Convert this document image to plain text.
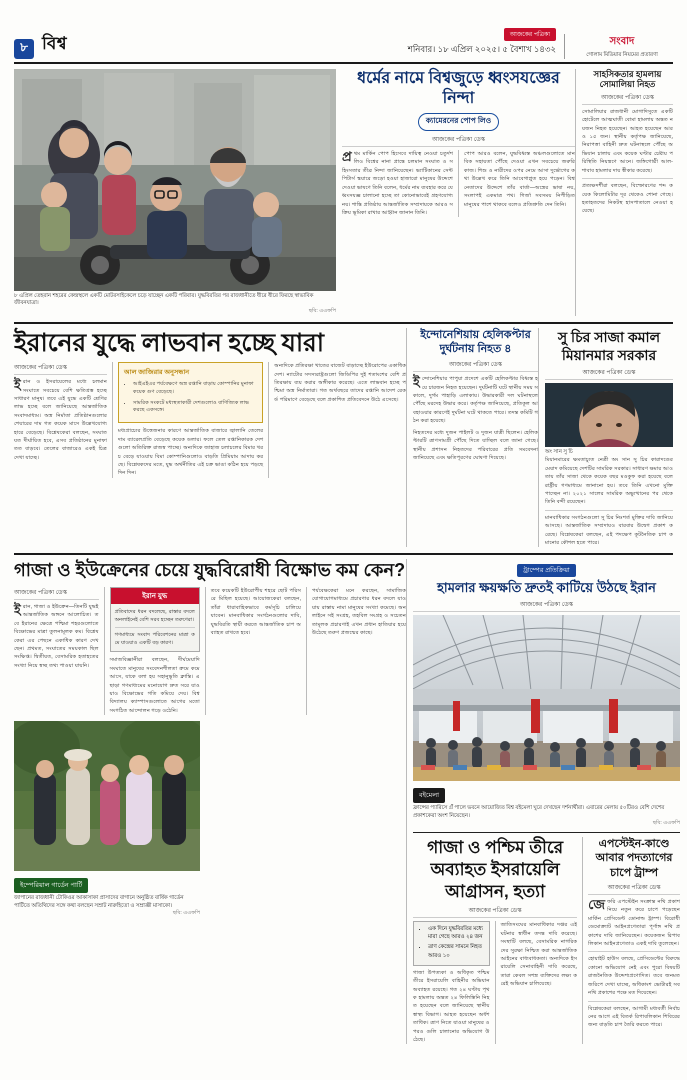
৮ বিশ্ব	আজকের পত্রিকা
শনিবার। ১৮ এপ্রিল ২০২৫। ৫ বৈশাখ ১৪৩২
সংবাদ
গোলাম মিডিয়ার নিয়মের প্রতারণা
৮ এপ্রিল তেহরান শহরের কেন্দ্রস্থলে একটি মোটরসাইকেলে চড়ে যাচ্ছেন একটি পরিবার। যুদ্ধবিরতির পর রাজধানীতে ধীরে ধীরে ফিরছে স্বাভাবিক জীবনযাত্রা।
ছবি: এএফপি
ধর্মের নামে বিশ্বজুড়ে ধ্বংসযজ্ঞের নিন্দা
ক্যামেরনের পোপ লিও
আজকের পত্রিকা ডেস্ক
প্রথম মার্কিন পোপ হিসেবে দায়িত্ব নেওয়া চতুর্দশ লিও বিশ্বের নানা প্রান্তে চলমান সংঘাত ও সহিংসতার তীব্র নিন্দা জানিয়েছেন। ভ্যাটিকানের সেন্ট পিটার্স স্কয়ারে জড়ো হওয়া হাজারো মানুষের উদ্দেশে দেওয়া ভাষণে তিনি বলেন, ধর্মের নাম ব্যবহার করে যে ধ্বংসযজ্ঞ চালানো হচ্ছে তা কোনোভাবেই গ্রহণযোগ্য নয়। শান্তি প্রতিষ্ঠায় আন্তর্জাতিক সম্প্রদায়কে আরও সক্রিয় ভূমিকা রাখার আহ্বান জানান তিনি।
পোপ আরও বলেন, যুদ্ধবিধ্বস্ত অঞ্চলগুলোতে মানবিক সহায়তা পৌঁছে দেওয়া এখন সবচেয়ে জরুরি কাজ। শিশু ও নারীদের ওপর নেমে আসা দুর্ভোগের কথা উল্লেখ করে তিনি আবেগাপ্লুত হয়ে পড়েন। বিশ্বনেতাদের উদ্দেশে তাঁর বার্তা—অস্ত্রের ভাষা নয়, সংলাপই একমাত্র পথ। গির্জা সবসময় নিপীড়িত মানুষের পাশে থাকবে বলেও প্রতিশ্রুতি দেন তিনি।
সাহসিকতার হামলায় সোমালিয়া নিহত
আজকের পত্রিকা ডেস্ক
সোমালিয়ার রাজধানী মোগাদিসুতে একটি হোটেলে আত্মঘাতী বোমা হামলায় অন্তত নয়জন নিহত হয়েছেন। আহত হয়েছেন আরও ১৫ জন। স্থানীয় কর্তৃপক্ষ জানিয়েছে, নিরাপত্তা বাহিনী দ্রুত ঘটনাস্থলে পৌঁছে অভিযান চালায় এবং কয়েক ঘণ্টার চেষ্টায় পরিস্থিতি নিয়ন্ত্রণে আনে। জঙ্গিগোষ্ঠী আল-শাবাব হামলার দায় স্বীকার করেছে।
প্রত্যক্ষদর্শীরা বলছেন, বিস্ফোরণের শব্দ কয়েক কিলোমিটার দূর থেকেও শোনা গেছে। হতাহতদের নিকটস্থ হাসপাতালে নেওয়া হয়েছে।
ইরানের যুদ্ধে লাভবান হচ্ছে যারা
আজকের পত্রিকা ডেস্ক
ইরান ও ইসরায়েলের মধ্যে চলমান সংঘাতে সবচেয়ে বেশি ক্ষতিগ্রস্ত হচ্ছে সাধারণ মানুষ। তবে এই যুদ্ধে একটি শ্রেণির লাভ হচ্ছে বলে জানিয়েছে আন্তর্জাতিক সংবাদমাধ্যম। অস্ত্র নির্মাতা প্রতিষ্ঠানগুলোর শেয়ারের দাম গত কয়েক মাসে উল্লেখযোগ্য হারে বেড়েছে। বিশ্লেষকেরা বলছেন, সংঘাত যত দীর্ঘায়িত হবে, এসব প্রতিষ্ঠানের মুনাফা তত বাড়বে। তেলের বাজারেও একই চিত্র দেখা যাচ্ছে।
আল জাজিরার অনুসন্ধান
• আইএইএর পর্যবেক্ষণে অস্ত্র রপ্তানি বাড়ায় কোম্পানির মুনাফা কয়েক গুণ বেড়েছে।
• সামরিক সংকটে মধ্যস্থতাকারী দেশগুলোও বাণিজ্যিক লাভ করছে একসঙ্গে।
মধ্যপ্রাচ্যের উত্তেজনার কারণে আন্তর্জাতিক বাজারে জ্বালানি তেলের দাম ব্যারেলপ্রতি বেড়েছে কয়েক ডলার। ফলে তেল রপ্তানিকারক দেশগুলো অতিরিক্ত রাজস্ব পাচ্ছে। অন্যদিকে জাহাজ চলাচলের বিমার খরচ বেড়ে যাওয়ায় বিমা কোম্পানিগুলোও বাড়তি প্রিমিয়াম আদায় করছে। বিশ্লেষকদের মতে, যুদ্ধ অর্থনীতির এই চক্র ভাঙা কঠিন হয়ে পড়ছে দিন দিন।
অন্যদিকে প্রতিরক্ষা খাতের বাজেট বাড়াচ্ছে ইউরোপের একাধিক দেশ। ন্যাটোর সদস্যরাষ্ট্রগুলো জিডিপির দুই শতাংশের বেশি প্রতিরক্ষায় ব্যয় করার অঙ্গীকার করেছে। এতে লাভবান হচ্ছে পশ্চিমা অস্ত্র নির্মাতারা। গত অর্থবছরে তাদের রপ্তানি আদেশ রেকর্ড পরিমাণে বেড়েছে বলে প্রকাশিত প্রতিবেদনে উঠে এসেছে।
ইন্দোনেশিয়ায় হেলিকপ্টার দুর্ঘটনায় নিহত ৪
আজকের পত্রিকা ডেস্ক
ইন্দোনেশিয়ার পাপুয়া প্রদেশে একটি হেলিকপ্টার বিধ্বস্ত হয়ে চারজন নিহত হয়েছেন। দুর্ঘটনাটি ঘটে স্থানীয় সময় সকালে, দুর্গম পাহাড়ি এলাকায়। উদ্ধারকারী দল ঘটনাস্থলে পৌঁছে মরদেহ উদ্ধার করে। কর্তৃপক্ষ জানিয়েছে, প্রতিকূল আবহাওয়ার কারণেই দুর্ঘটনা ঘটে থাকতে পারে। তদন্ত কমিটি গঠন করা হয়েছে।
নিহতদের মধ্যে দুজন পাইলট ও দুজন যাত্রী ছিলেন। হেলিকপ্টারটি ত্রাণসামগ্রী পৌঁছে দিতে যাচ্ছিল বলে জানা গেছে। স্থানীয় প্রশাসন নিহতদের পরিবারের প্রতি সমবেদনা জানিয়েছে এবং ক্ষতিপূরণের ঘোষণা দিয়েছে।
সু চির সাজা কমাল মিয়ানমার সরকার
আজকের পত্রিকা ডেস্ক
অং সান সু চি
মিয়ানমারের ক্ষমতাচ্যুত নেত্রী অং সান সু চির কারাদণ্ডের মেয়াদ কমিয়েছে দেশটির সামরিক সরকার। সাধারণ ক্ষমার আওতায় তাঁর সাজা থেকে কয়েক বছর মওকুফ করা হয়েছে বলে রাষ্ট্রীয় গণমাধ্যমে জানানো হয়। তবে তিনি এখনো মুক্তি পাচ্ছেন না। ২০২১ সালের সামরিক অভ্যুত্থানের পর থেকে তিনি বন্দী রয়েছেন।
মানবাধিকার সংগঠনগুলো সু চির নিঃশর্ত মুক্তির দাবি জানিয়ে আসছে। আন্তর্জাতিক সম্প্রদায়ও বারবার উদ্বেগ প্রকাশ করেছে। বিশ্লেষকেরা বলছেন, এই পদক্ষেপ কূটনৈতিক চাপ কমানোর কৌশল হতে পারে।
গাজা ও ইউক্রেনের চেয়ে যুদ্ধবিরোধী বিক্ষোভ কম কেন?
আজকের পত্রিকা ডেস্ক
ইরান, গাজা ও ইউক্রেন—তিনটি যুদ্ধই আন্তর্জাতিক অঙ্গনে আলোচিত। তবে ইরানের ক্ষেত্রে পশ্চিমা শহরগুলোতে বিক্ষোভের মাত্রা তুলনামূলক কম। বিশ্লেষকেরা এর পেছনে একাধিক কারণ দেখছেন। প্রথমত, সংঘাতের সময়কাল ছিল সংক্ষিপ্ত। দ্বিতীয়ত, বেসামরিক হতাহতের সংখ্যা নিয়ে স্বচ্ছ তথ্য পাওয়া যায়নি।
ইরান যুদ্ধ
প্রতিবাদের ধরন বদলেছে, রাস্তার বদলে অনলাইনেই বেশি সরব হচ্ছেন তরুণেরা।
গণমাধ্যমে সংবাদ পরিবেশনের মাত্রা কমে যাওয়াও একটি বড় কারণ।
সমাজবিজ্ঞানীরা বলছেন, দীর্ঘমেয়াদি সংঘাতে মানুষের সংবেদনশীলতা ক্রমে কমে আসে, যাকে বলা হয় সহানুভূতি ক্লান্তি। এ ছাড়া গণমাধ্যমের মনোযোগ দ্রুত সরে যাওয়াও বিক্ষোভের গতি কমিয়ে দেয়। বিশ্ববিদ্যালয় ক্যাম্পাসগুলোতে আগের মতো সংগঠিত আন্দোলন গড়ে ওঠেনি।
তবে কয়েকটি ইউরোপীয় শহরে ছোট পরিসরে মিছিল হয়েছে। আয়োজকেরা বলছেন, তাঁরা ধারাবাহিকভাবে কর্মসূচি চালিয়ে যাবেন। মানবাধিকার সংগঠনগুলোর দাবি, যুদ্ধবিরতি স্থায়ী করতে আন্তর্জাতিক চাপ অব্যাহত রাখতে হবে।
পর্যবেক্ষকেরা মনে করছেন, সামাজিক যোগাযোগমাধ্যমে প্রচারণার ধরন বদলে যাওয়ায় রাস্তায় নামা মানুষের সংখ্যা কমেছে। অনলাইনে সই সংগ্রহ, তহবিল সংগ্রহ ও সচেতনতামূলক প্রচারণাই এখন প্রধান হাতিয়ার হয়ে উঠেছে তরুণ প্রজন্মের কাছে।
ইম্পেরিয়াল গার্ডেন পার্টি
জাপানের রাজধানী টোকিওর আকাসাকা প্রাসাদের বাগানে অনুষ্ঠিত বার্ষিক গার্ডেন পার্টিতে অতিথিদের সঙ্গে কথা বলছেন সম্রাট নারুহিতো ও সম্রাজ্ঞী মাসাকো।
ছবি: এএফপি
ট্রাম্পের প্রতিক্রিয়া
হামলার ক্ষয়ক্ষতি দ্রুতই কাটিয়ে উঠছে ইরান
আজকের পত্রিকা ডেস্ক
বইমেলা
ফ্রান্সের প্যারিসে গ্রঁ পালে ভবনে আয়োজিত বিশ্ব বইমেলা ঘুরে দেখছেন দর্শনার্থীরা। এবারের মেলায় ৫০টিরও বেশি দেশের প্রকাশকেরা অংশ নিয়েছেন।
ছবি: এএফপি
গাজা ও পশ্চিম তীরে অব্যাহত ইসরায়েলি আগ্রাসন, হত্যা
আজকের পত্রিকা ডেস্ক
• এক দিনে যুদ্ধবিরতির মধ্যে মারা গেছে আরও ২৪ জন
• ত্রাণ কেন্দ্রের সামনে নিহত আরও ১০
গাজা উপত্যকা ও অধিকৃত পশ্চিম তীরে ইসরায়েলি বাহিনীর অভিযান অব্যাহত রয়েছে। গত ২৪ ঘণ্টায় পৃথক হামলায় অন্তত ২৪ ফিলিস্তিনি নিহত হয়েছেন বলে জানিয়েছে স্থানীয় স্বাস্থ্য বিভাগ। আহত হয়েছেন অর্ধশতাধিক। ত্রাণ নিতে যাওয়া মানুষের ওপরও গুলি চালানোর অভিযোগ উঠেছে।
জাতিসংঘের মানবাধিকার দপ্তর এই ঘটনার স্বাধীন তদন্ত দাবি করেছে। সংস্থাটি বলছে, বেসামরিক নাগরিকদের সুরক্ষা নিশ্চিত করা আন্তর্জাতিক আইনের বাধ্যবাধকতা। অন্যদিকে ইসরায়েলি সেনাবাহিনী দাবি করেছে, তারা কেবল সশস্ত্র ব্যক্তিদের লক্ষ্য করেই অভিযান চালিয়েছে।
এপস্টেইন-কাণ্ডে আবার পদত্যাগের চাপে ট্রাম্প
আজকের পত্রিকা ডেস্ক
জেফরি এপস্টেইন সংক্রান্ত নথি প্রকাশ নিয়ে নতুন করে চাপে পড়েছেন মার্কিন প্রেসিডেন্ট ডোনাল্ড ট্রাম্প। বিরোধী ডেমোক্র্যাট আইনপ্রণেতারা পূর্ণাঙ্গ নথি প্রকাশের দাবি জানিয়েছেন। কয়েকজন রিপাবলিকান আইনপ্রণেতাও একই দাবি তুলেছেন।
হোয়াইট হাউস বলছে, প্রেসিডেন্টের বিরুদ্ধে কোনো অভিযোগ নেই এবং পুরো বিষয়টি রাজনৈতিক উদ্দেশ্যপ্রণোদিত। তবে জনমত জরিপে দেখা যাচ্ছে, অধিকাংশ ভোটারই সব নথি প্রকাশের পক্ষে মত দিয়েছেন।
বিশ্লেষকেরা বলছেন, আগামী মধ্যবর্তী নির্বাচনের আগে এই বিতর্ক রিপাবলিকান শিবিরের জন্য বাড়তি চাপ তৈরি করতে পারে।
